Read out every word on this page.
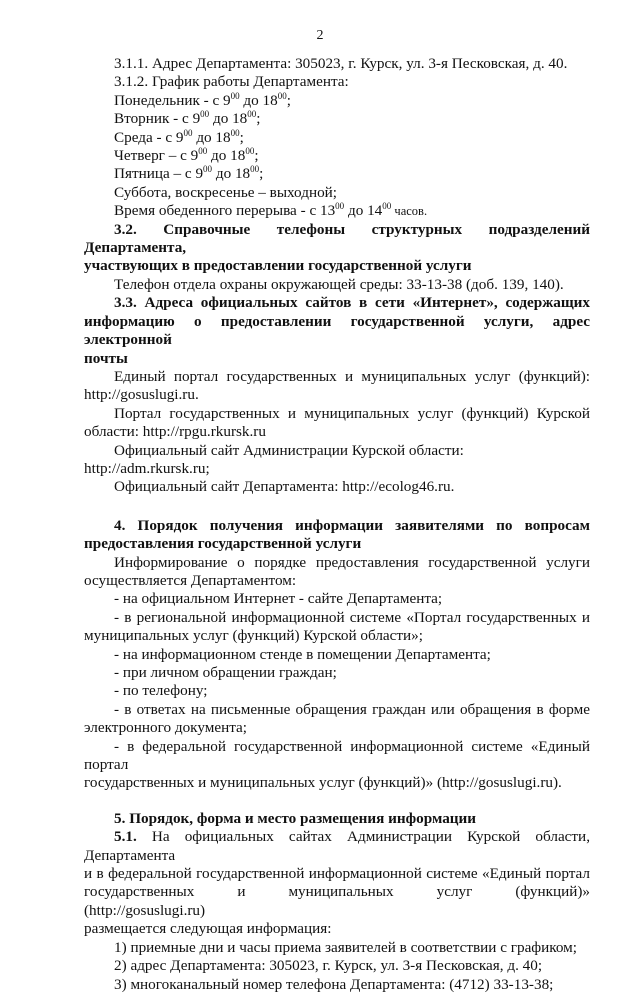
2

3.1.1. Адрес Департамента: 305023, г. Курск, ул. 3-я Песковская, д. 40.

3.1.2. График работы Департамента:

Понедельник - с $9^{00}$ до $18^{00}$;

Вторник - с $9^{00}$ до $18^{00}$;

Среда - с $9^{00}$ до $18^{00}$;

Четверг – с $9^{00}$ до $18^{00}$;

Пятница – с $9^{00}$ до $18^{00}$;

Суббота, воскресенье – выходной;

Время обеденного перерыва - с $13^{00}$ до $14^{00}$ часов.

3.2. Справочные телефоны структурных подразделений Департамента,

участвующих в предоставлении государственной услуги

Телефон отдела охраны окружающей среды: 33-13-38 (доб. 139, 140).

3.3. Адреса официальных сайтов в сети «Интернет», содержащих

информацию о предоставлении государственной услуги, адрес электронной

почты

Единый портал государственных и муниципальных услуг (функций):

http://gosuslugi.ru.

Портал государственных и муниципальных услуг (функций) Курской

области: http://rpgu.rkursk.ru

Официальный сайт Администрации Курской области: http://adm.rkursk.ru;

Официальный сайт Департамента: http://ecolog46.ru.

4. Порядок получения информации заявителями по вопросам

предоставления государственной услуги

Информирование о порядке предоставления государственной услуги

осуществляется Департаментом:

- на официальном Интернет - сайте Департамента;

- в региональной информационной системе «Портал государственных и

муниципальных услуг (функций) Курской области»;

- на информационном стенде в помещении Департамента;

- при личном обращении граждан;

- по телефону;

- в ответах на письменные обращения граждан или обращения в форме

электронного документа;

- в федеральной государственной информационной системе «Единый портал

государственных и муниципальных услуг (функций)» (http://gosuslugi.ru).

5. Порядок, форма и место размещения информации

5.1. На официальных сайтах Администрации Курской области, Департамента

и в федеральной государственной информационной системе «Единый портал

государственных и муниципальных услуг (функций)» (http://gosuslugi.ru)

размещается следующая информация:

1) приемные дни и часы приема заявителей в соответствии с графиком;

2) адрес Департамента: 305023, г. Курск, ул. 3-я Песковская, д. 40;

3) многоканальный номер телефона Департамента: (4712) 33-13-38;
